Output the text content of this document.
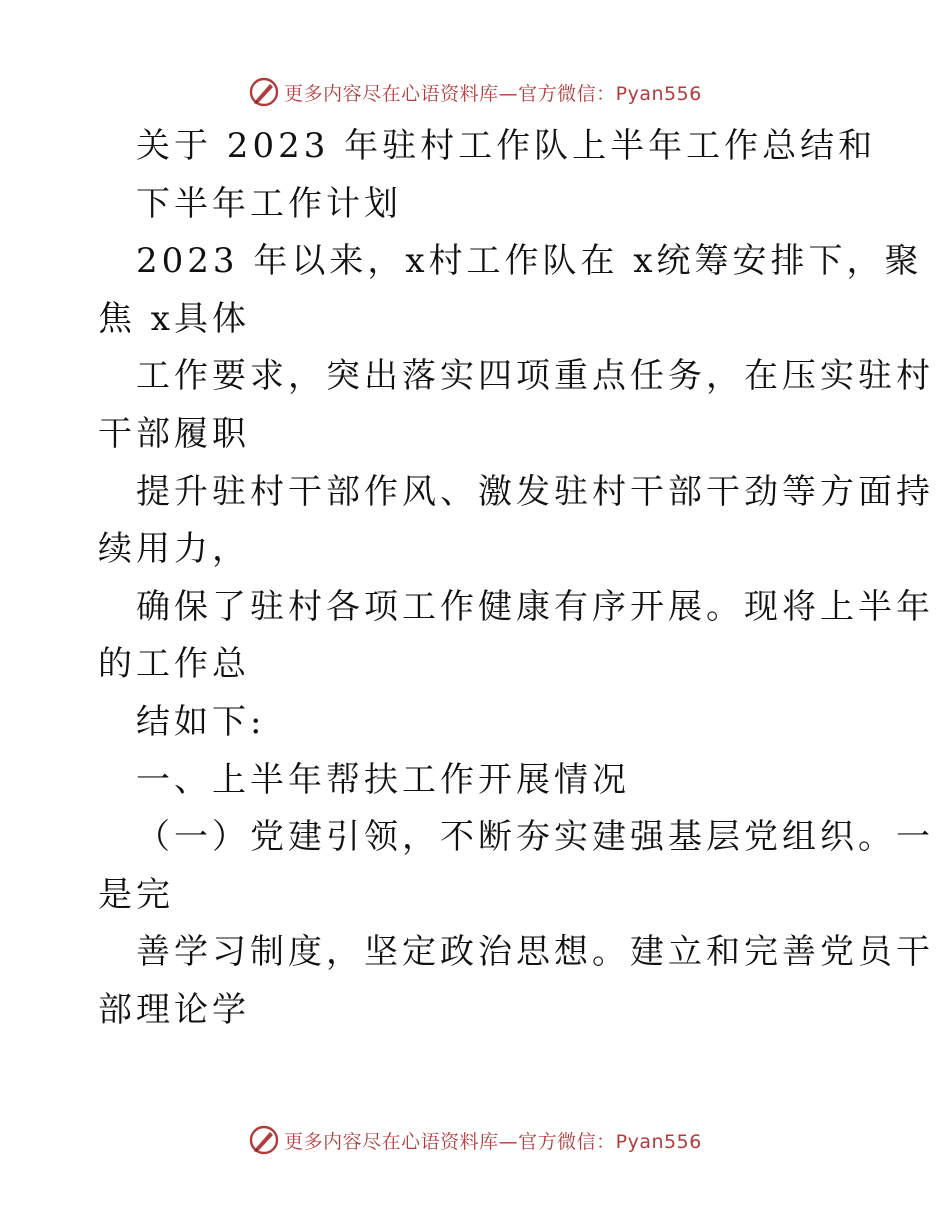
更多内容尽在心语资料库—官方微信：Pyan556
关于 2023 年驻村工作队上半年工作总结和
下半年工作计划
2023 年以来，x村工作队在 x统筹安排下，聚
焦 x具体
工作要求，突出落实四项重点任务，在压实驻村
干部履职
提升驻村干部作风、激发驻村干部干劲等方面持
续用力，
确保了驻村各项工作健康有序开展。现将上半年
的工作总
结如下:
一、上半年帮扶工作开展情况
（一）党建引领，不断夯实建强基层党组织。一
是完
善学习制度，坚定政治思想。建立和完善党员干
部理论学
更多内容尽在心语资料库—官方微信：Pyan556
